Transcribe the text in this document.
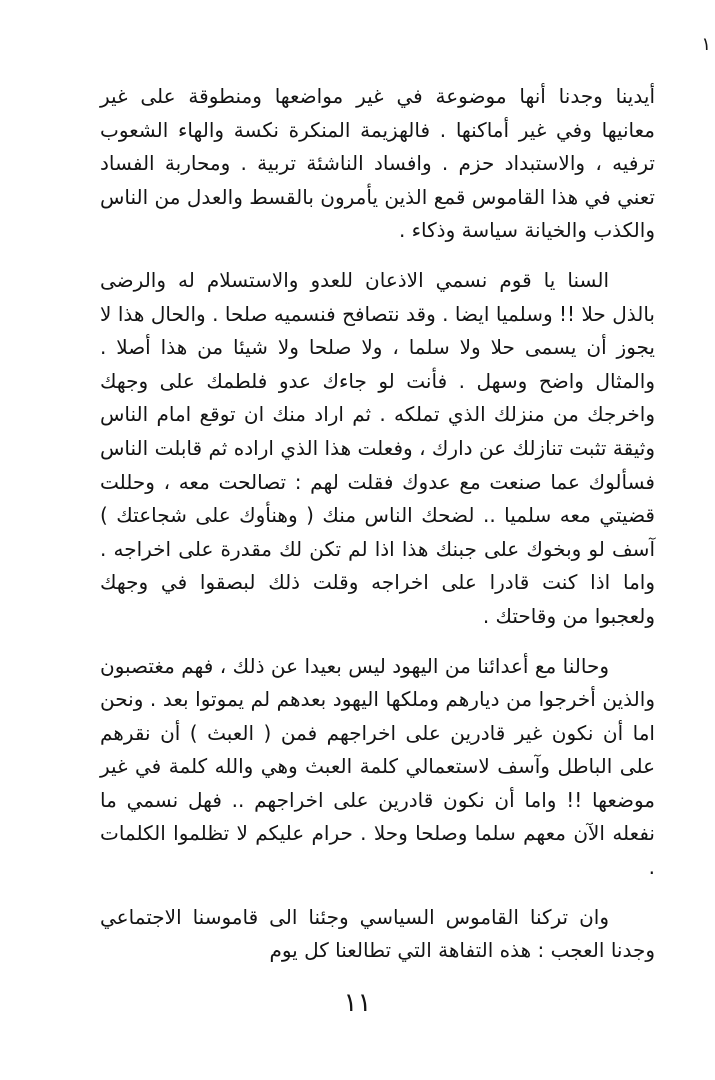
١

أيدينا وجدنا أنها موضوعة في غير مواضعها ومنطوقة على غير معانيها وفي غير أماكنها . فالهزيمة المنكرة نكسة والهاء الشعوب ترفيه ، والاستبداد حزم . وافساد الناشئة تربية . ومحاربة الفساد تعني في هذا القاموس قمع الذين يأمرون بالقسط والعدل من الناس والكذب والخيانة سياسة وذكاء .

السنا يا قوم نسمي الاذعان للعدو والاستسلام له والرضى بالذل حلا !! وسلميا ايضا . وقد نتصافح فنسميه صلحا . والحال هذا لا يجوز أن يسمى حلا ولا سلما ، ولا صلحا ولا شيئا من هذا أصلا . والمثال واضح وسهل . فأنت لو جاءك عدو فلطمك على وجهك واخرجك من منزلك الذي تملكه . ثم اراد منك ان توقع امام الناس وثيقة تثبت تنازلك عن دارك ، وفعلت هذا الذي اراده ثم قابلت الناس فسألوك عما صنعت مع عدوك فقلت لهم : تصالحت معه ، وحللت قضيتي معه سلميا .. لضحك الناس منك ( وهنأوك على شجاعتك ) آسف لو وبخوك على جبنك هذا اذا لم تكن لك مقدرة على اخراجه . واما اذا كنت قادرا على اخراجه وقلت ذلك لبصقوا في وجهك ولعجبوا من وقاحتك .

وحالنا مع أعدائنا من اليهود ليس بعيدا عن ذلك ، فهم مغتصبون والذين أخرجوا من ديارهم وملكها اليهود بعدهم لم يموتوا بعد . ونحن اما أن نكون غير قادرين على اخراجهم فمن ( العبث ) أن نقرهم على الباطل وآسف لاستعمالي كلمة العبث وهي والله كلمة في غير موضعها !! واما أن نكون قادرين على اخراجهم .. فهل نسمي ما نفعله الآن معهم سلما وصلحا وحلا . حرام عليكم لا تظلموا الكلمات .

وان تركنا القاموس السياسي وجئنا الى قاموسنا الاجتماعي وجدنا العجب : هذه التفاهة التي تطالعنا كل يوم

١١
